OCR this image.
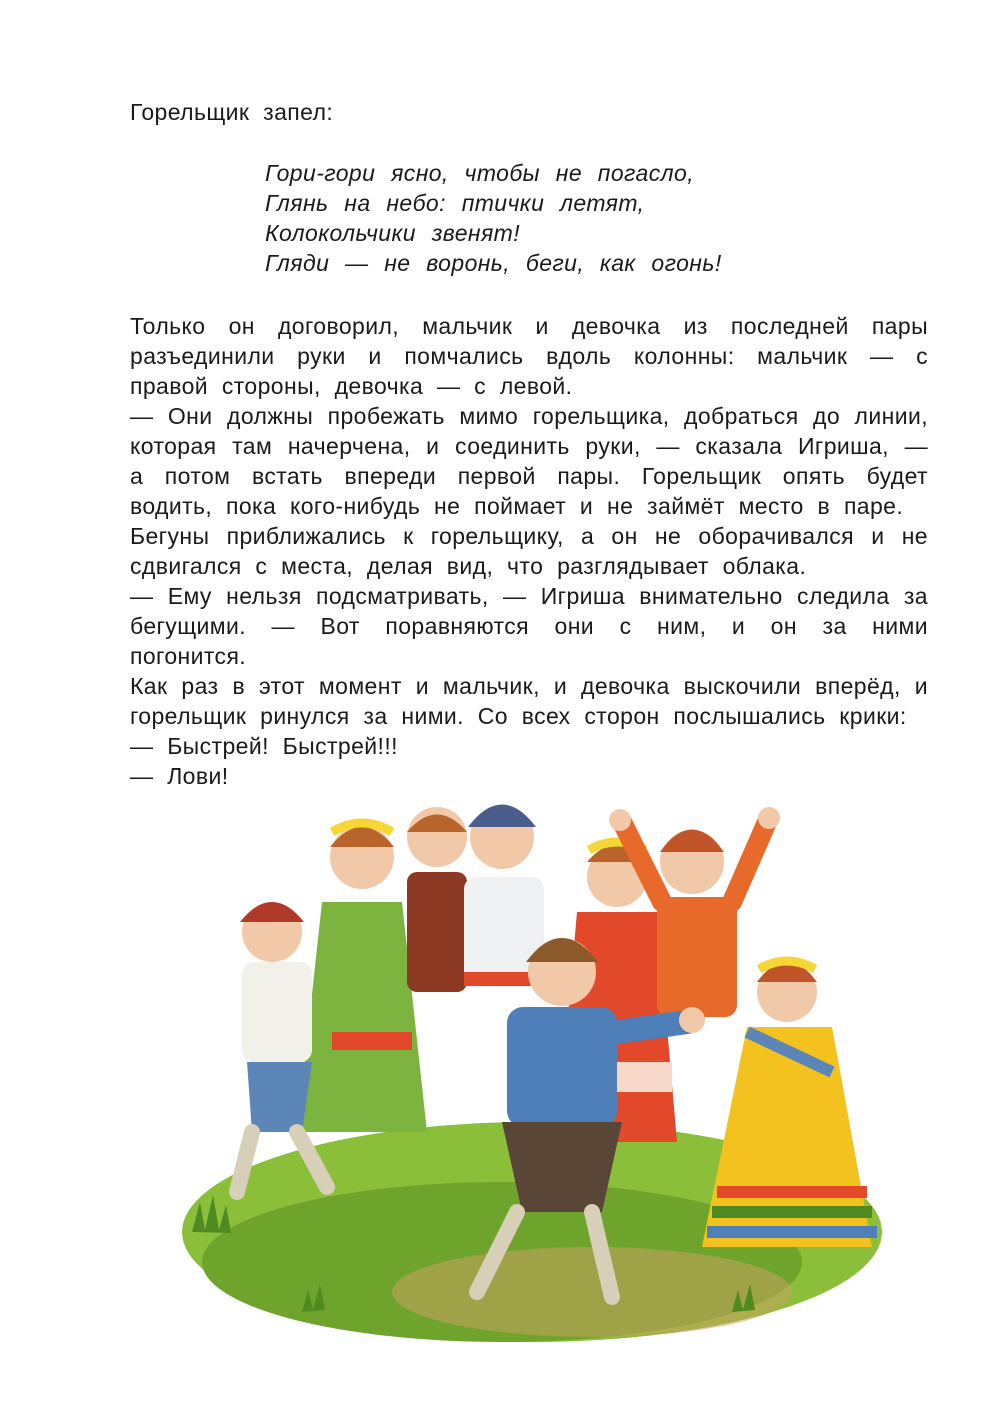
Горельщик запел:
Гори-гори ясно, чтобы не погасло,
Глянь на небо: птички летят,
Колокольчики звенят!
Гляди — не воронь, беги, как огонь!

Только он договорил, мальчик и девочка из последней пары разъединили руки и помчались вдоль колонны: мальчик — с правой стороны, девочка — с левой.

— Они должны пробежать мимо горельщика, добраться до линии, которая там начерчена, и соединить руки, — сказала Игриша, — а потом встать впереди первой пары. Горельщик опять будет водить, пока кого-нибудь не поймает и не займёт место в паре.

Бегуны приближались к горельщику, а он не оборачивался и не сдвигался с места, делая вид, что разглядывает облака.

— Ему нельзя подсматривать, — Игриша внимательно следила за бегущими. — Вот поравняются они с ним, и он за ними погонится.

Как раз в этот момент и мальчик, и девочка выскочили вперёд, и горельщик ринулся за ними. Со всех сторон послышались крики:

— Быстрей! Быстрей!!!

— Лови!
